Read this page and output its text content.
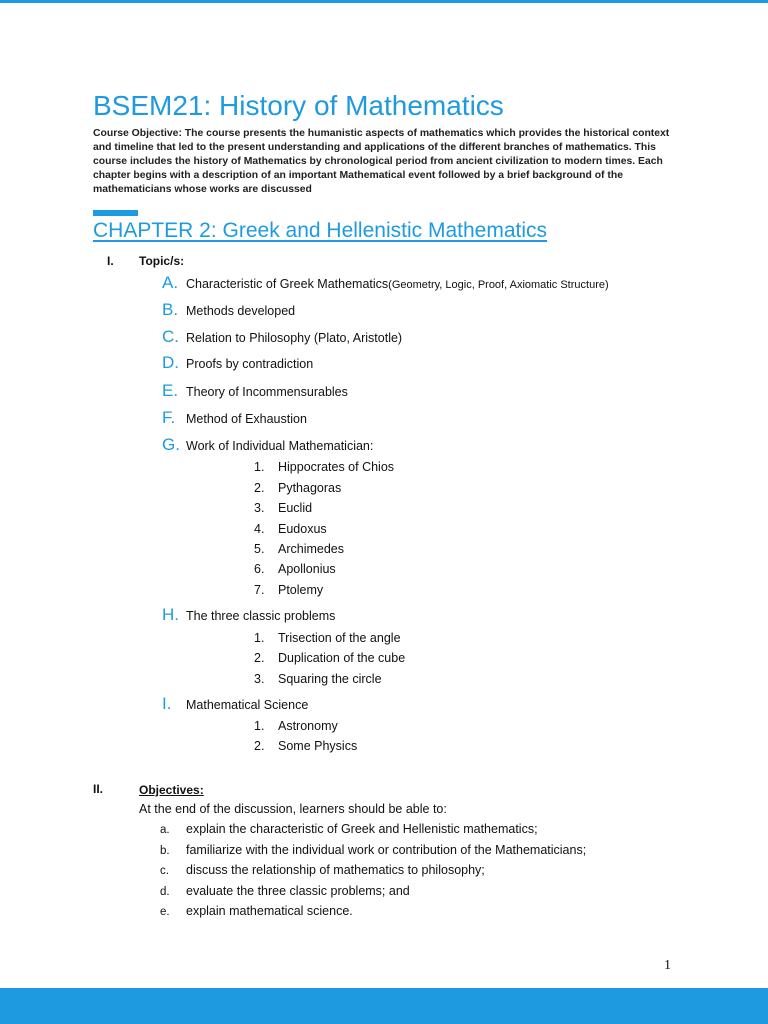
BSEM21: History of Mathematics

Course Objective: The course presents the humanistic aspects of mathematics which provides the historical context and timeline that led to the present understanding and applications of the different branches of mathematics. This course includes the history of Mathematics by chronological period from ancient civilization to modern times. Each chapter begins with a description of an important Mathematical event followed by a brief background of the mathematicians whose works are discussed

CHAPTER 2: Greek and Hellenistic Mathematics
I. Topic/s:
A. Characteristic of Greek Mathematics (Geometry, Logic, Proof, Axiomatic Structure)
B. Methods developed
C. Relation to Philosophy (Plato, Aristotle)
D. Proofs by contradiction
E. Theory of Incommensurables
F. Method of Exhaustion
G. Work of Individual Mathematician:
1.	Hippocrates of Chios
2.	Pythagoras
3.	Euclid
4.	Eudoxus
5.	Archimedes
6.	Apollonius
7.	Ptolemy
H. The three classic problems
1.	Trisection of the angle
2.	Duplication of the cube
3.	Squaring the circle
I.	Mathematical Science
1.	Astronomy
2.	Some Physics
II.	Objectives:
At the end of the discussion, learners should be able to:
a.	explain the characteristic of Greek and Hellenistic mathematics;
b.	familiarize with the individual work or contribution of the Mathematicians;
c.	discuss the relationship of mathematics to philosophy;
d.	evaluate the three classic problems; and
e.	explain mathematical science.
1
